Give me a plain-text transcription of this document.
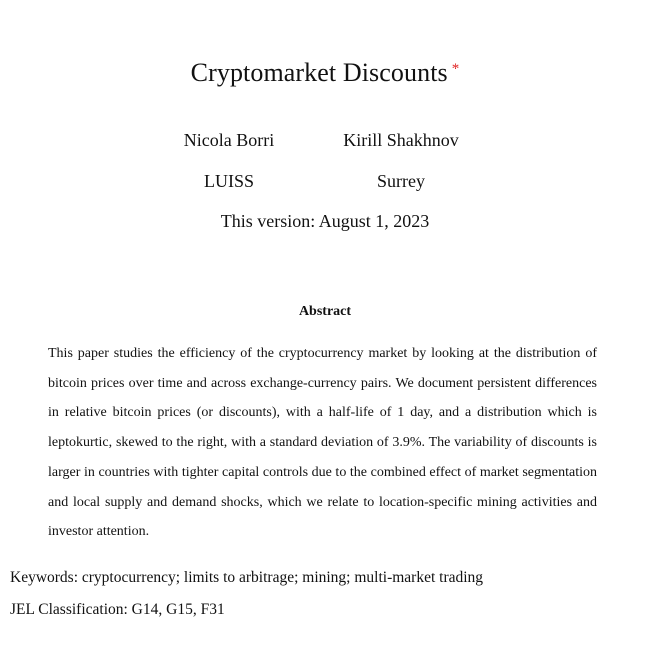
Cryptomarket Discounts *
Nicola Borri	Kirill Shakhnov
LUISS	Surrey
This version: August 1, 2023
Abstract

This paper studies the efficiency of the cryptocurrency market by looking at the distribution of bitcoin prices over time and across exchange-currency pairs. We document persistent differences in relative bitcoin prices (or discounts), with a half-life of 1 day, and a distribution which is leptokurtic, skewed to the right, with a standard deviation of 3.9%. The variability of discounts is larger in countries with tighter capital controls due to the combined effect of market segmentation and local supply and demand shocks, which we relate to location-specific mining activities and investor attention.

Keywords: cryptocurrency; limits to arbitrage; mining; multi-market trading
JEL Classification: G14, G15, F31
